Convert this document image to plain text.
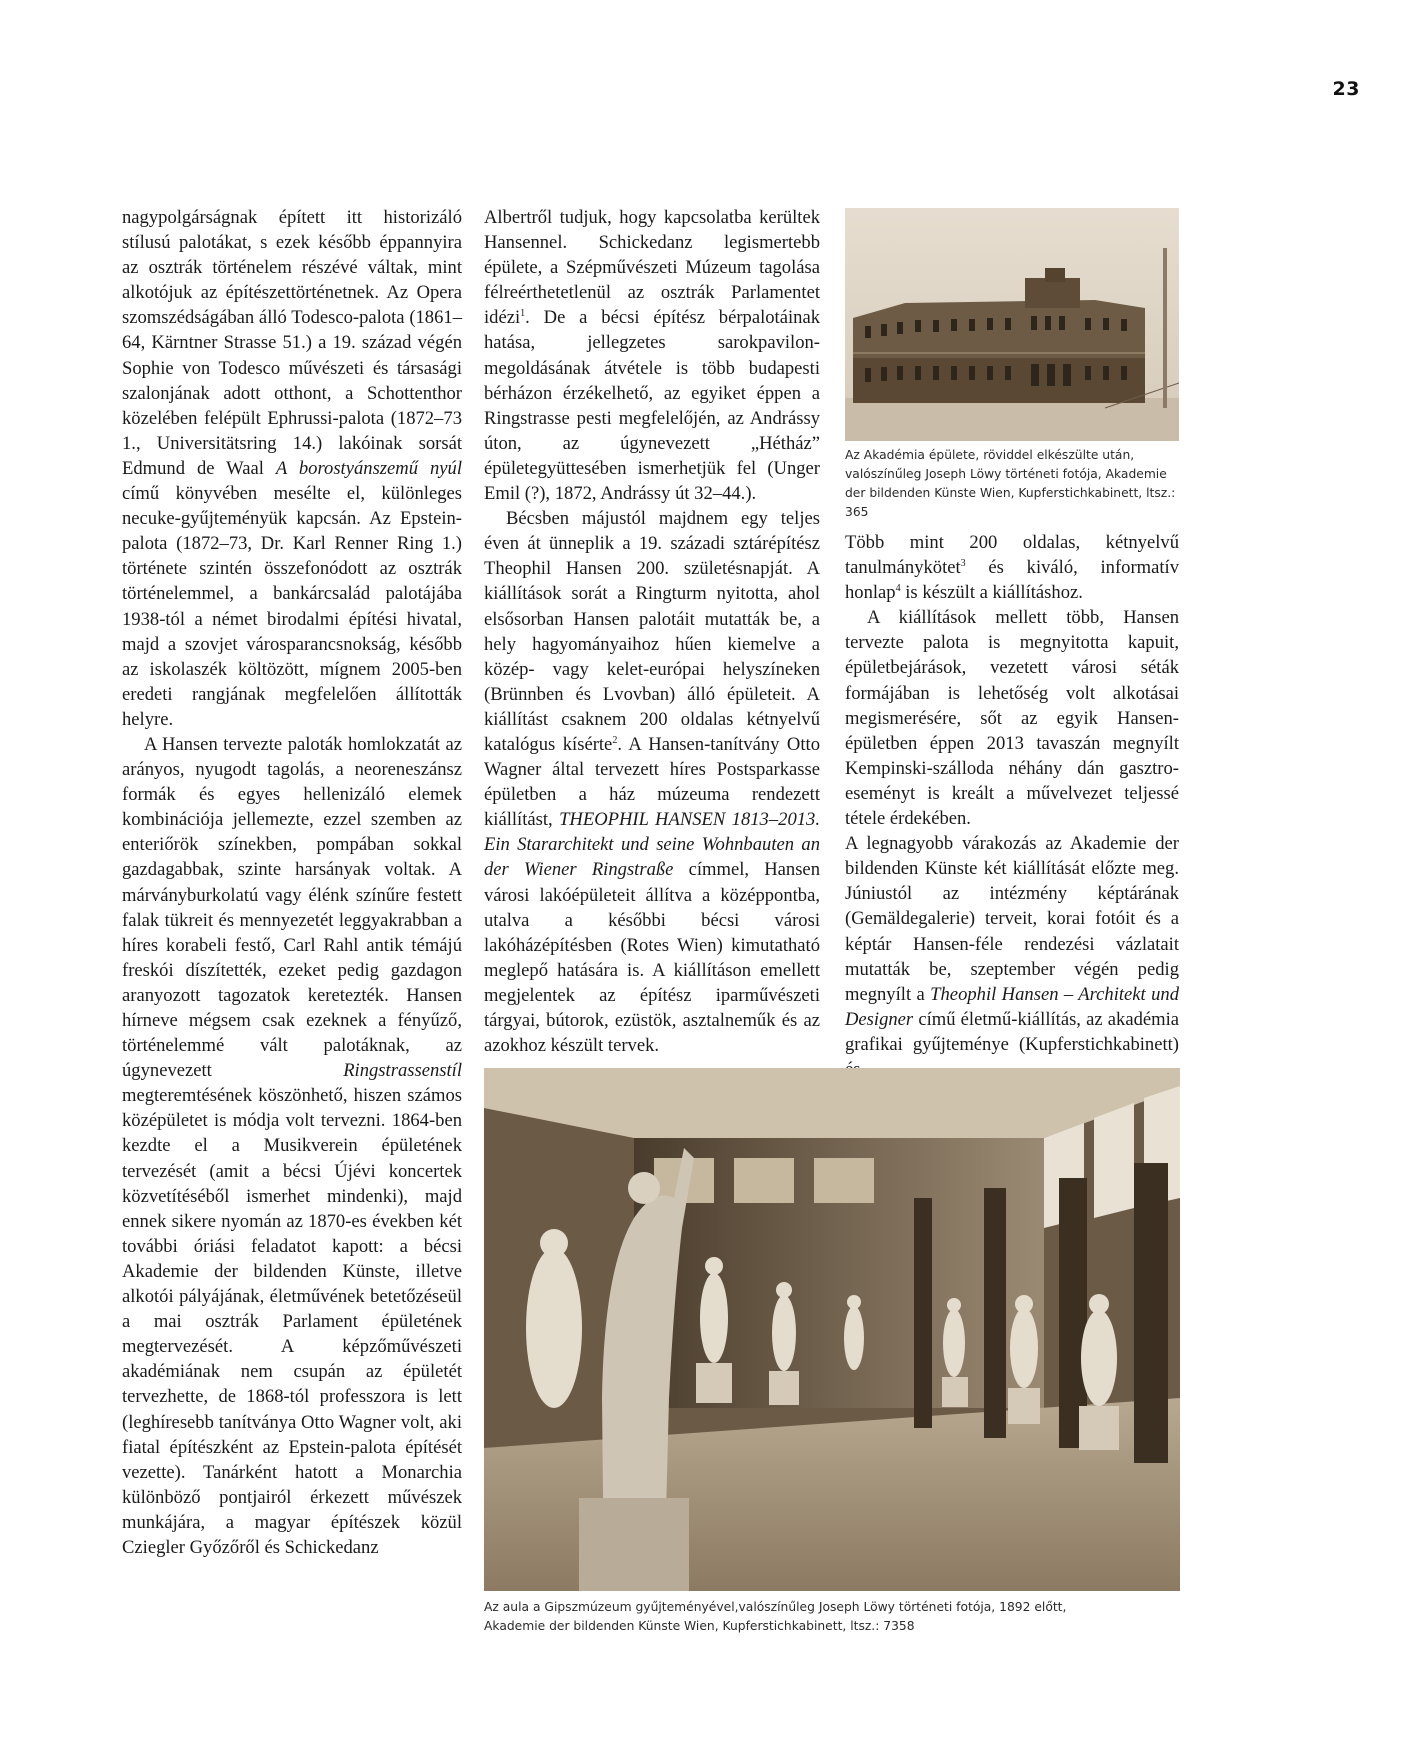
23

nagypolgárságnak épített itt historizáló stílusú palotákat, s ezek később éppannyira az osztrák történelem részévé váltak, mint alkotójuk az építészettörténetnek. Az Opera szomszédságában álló Todesco-palota (1861–64, Kärntner Strasse 51.) a 19. század végén Sophie von Todesco művészeti és társasági szalonjának adott otthont, a Schottenthor közelében felépült Ephrussi-palota (1872–73 1., Universitätsring 14.) lakóinak sorsát Edmund de Waal A borostyánszemű nyúl című könyvében mesélte el, különleges necuke-gyűjteményük kapcsán. Az Epstein-palota (1872–73, Dr. Karl Renner Ring 1.) története szintén összefonódott az osztrák történelemmel, a bankárcsalád palotájába 1938-tól a német birodalmi építési hivatal, majd a szovjet városparancsnokság, később az iskolaszék költözött, mígnem 2005-ben eredeti rangjának megfelelően állították helyre.

A Hansen tervezte paloták homlokzatát az arányos, nyugodt tagolás, a neoreneszánsz formák és egyes hellenizáló elemek kombinációja jellemezte, ezzel szemben az enteriőrök színekben, pompában sokkal gazdagabbak, szinte harsányak voltak. A márványburkolatú vagy élénk színűre festett falak tükreit és mennyezetét leggyakrabban a híres korabeli festő, Carl Rahl antik témájú freskói díszítették, ezeket pedig gazdagon aranyozott tagozatok keretezték. Hansen hírneve mégsem csak ezeknek a fényűző, történelemmé vált palotáknak, az úgynevezett	Ringstrassenstíl megteremtésének köszönhető, hiszen számos középületet is módja volt tervezni. 1864-ben kezdte el a Musikverein épületének tervezését (amit a bécsi Újévi koncertek közvetítéséből ismerhet mindenki), majd ennek sikere nyomán az 1870-es években két további óriási feladatot kapott: a bécsi Akademie der bildenden Künste, illetve alkotói pályájának, életművének betetőzéseül a mai osztrák Parlament épületének megtervezését. A képzőművészeti akadémiának nem csupán az épületét tervezhette, de 1868-tól professzora is lett (leghíresebb tanítványa Otto Wagner volt, aki fiatal építészként az Epstein-palota építését vezette). Tanárként hatott a Monarchia különböző pontjairól érkezett művészek munkájára, a magyar építészek közül Cziegler Győzőről és Schickedanz

Albertről tudjuk, hogy kapcsolatba kerültek Hansennel. Schickedanz legismertebb épülete, a Szépművészeti Múzeum tagolása félreérthetetlenül az osztrák Parlamentet idézi$^1$. De a bécsi építész bérpalotáinak hatása, jellegzetes sarokpavilon-megoldásának átvétele is több budapesti bérházon érzékelhető, az egyiket éppen a Ringstrasse pesti megfelelőjén, az Andrássy úton, az úgynevezett „Hétház” épületegyüttesében ismerhetjük fel (Unger Emil (?), 1872, Andrássy út 32–44.).

Bécsben májustól majdnem egy teljes éven át ünneplik a 19. századi sztárépítész Theophil Hansen 200. születésnapját. A kiállítások sorát a Ringturm nyitotta, ahol elsősorban Hansen palotáit mutatták be, a hely hagyományaihoz hűen kiemelve a közép- vagy kelet-európai helyszíneken (Brünnben és Lvovban) álló épületeit. A kiállítást csaknem 200 oldalas kétnyelvű katalógus kísérte$^2$. A Hansen-tanítvány Otto Wagner által tervezett híres Postsparkasse épületben a ház múzeuma rendezett kiállítást, THEOPHIL HANSEN 1813–2013. Ein Stararchitekt und seine Wohnbauten an der Wiener Ringstraße címmel, Hansen városi lakóépületeit állítva a középpontba, utalva a későbbi bécsi városi lakóházépítésben (Rotes Wien) kimutatható meglepő hatására is. A kiállításon emellett megjelentek az építész iparművészeti tárgyai, bútorok, ezüstök, asztalneműk és az azokhoz készült tervek.

Az Akadémia épülete, röviddel elkészülte után, valószínűleg Joseph Löwy történeti fotója, Akademie der bildenden Künste Wien, Kupferstichkabinett, ltsz.: 365

Több mint 200 oldalas, kétnyelvű tanulmánykötet$^3$ és kiváló, informatív honlap$^4$ is készült a kiállításhoz.

A kiállítások mellett több, Hansen tervezte palota is megnyitotta kapuit, épületbejárások, vezetett városi séták formájában is lehetőség volt alkotásai megismerésére, sőt az egyik Hansen-épületben éppen 2013 tavaszán megnyílt Kempinski-szálloda néhány dán gasztro-eseményt is kreált a művelvezet teljessé tétele érdekében.

A legnagyobb várakozás az Akademie der bildenden Künste két kiállítását előzte meg. Júniustól az intézmény képtárának (Gemäldegalerie) terveit, korai fotóit és a képtár Hansen-féle rendezési vázlatait mutatták be, szeptember végén pedig megnyílt a Theophil Hansen – Architekt und Designer című életmű-kiállítás, az akadémia grafikai gyűjteménye (Kupferstichkabinett)

Az aula a Gipszmúzeum gyűjteményével,valószínűleg Joseph Löwy történeti fotója, 1892 előtt,
Akademie der bildenden Künste Wien, Kupferstichkabinett, ltsz.: 7358
